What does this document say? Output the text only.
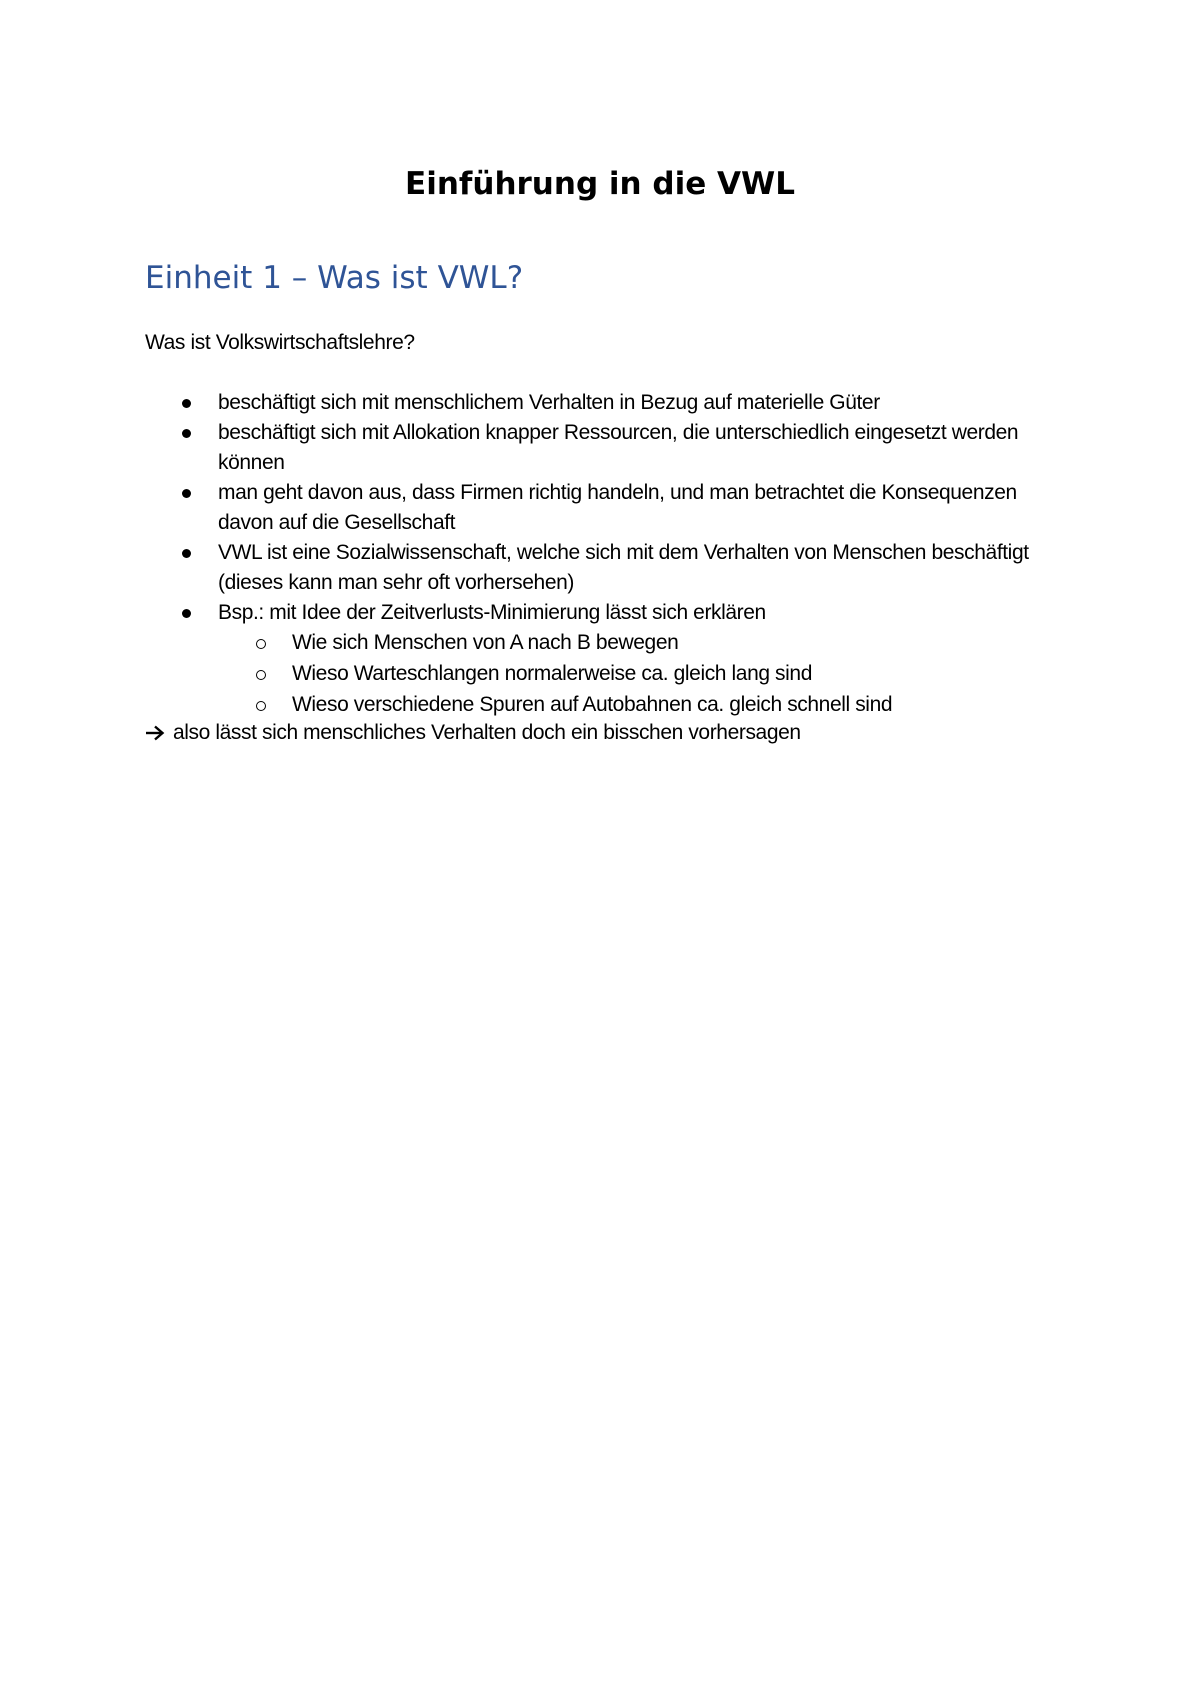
Einführung in die VWL
Einheit 1 – Was ist VWL?

Was ist Volkswirtschaftslehre?

beschäftigt sich mit menschlichem Verhalten in Bezug auf materielle Güter
beschäftigt sich mit Allokation knapper Ressourcen, die unterschiedlich eingesetzt werden können
man geht davon aus, dass Firmen richtig handeln, und man betrachtet die Konsequenzen davon auf die Gesellschaft
VWL ist eine Sozialwissenschaft, welche sich mit dem Verhalten von Menschen beschäftigt (dieses kann man sehr oft vorhersehen)
Bsp.: mit Idee der Zeitverlusts-Minimierung lässt sich erklären
Wie sich Menschen von A nach B bewegen
Wieso Warteschlangen normalerweise ca. gleich lang sind
Wieso verschiedene Spuren auf Autobahnen ca. gleich schnell sind

also lässt sich menschliches Verhalten doch ein bisschen vorhersagen
